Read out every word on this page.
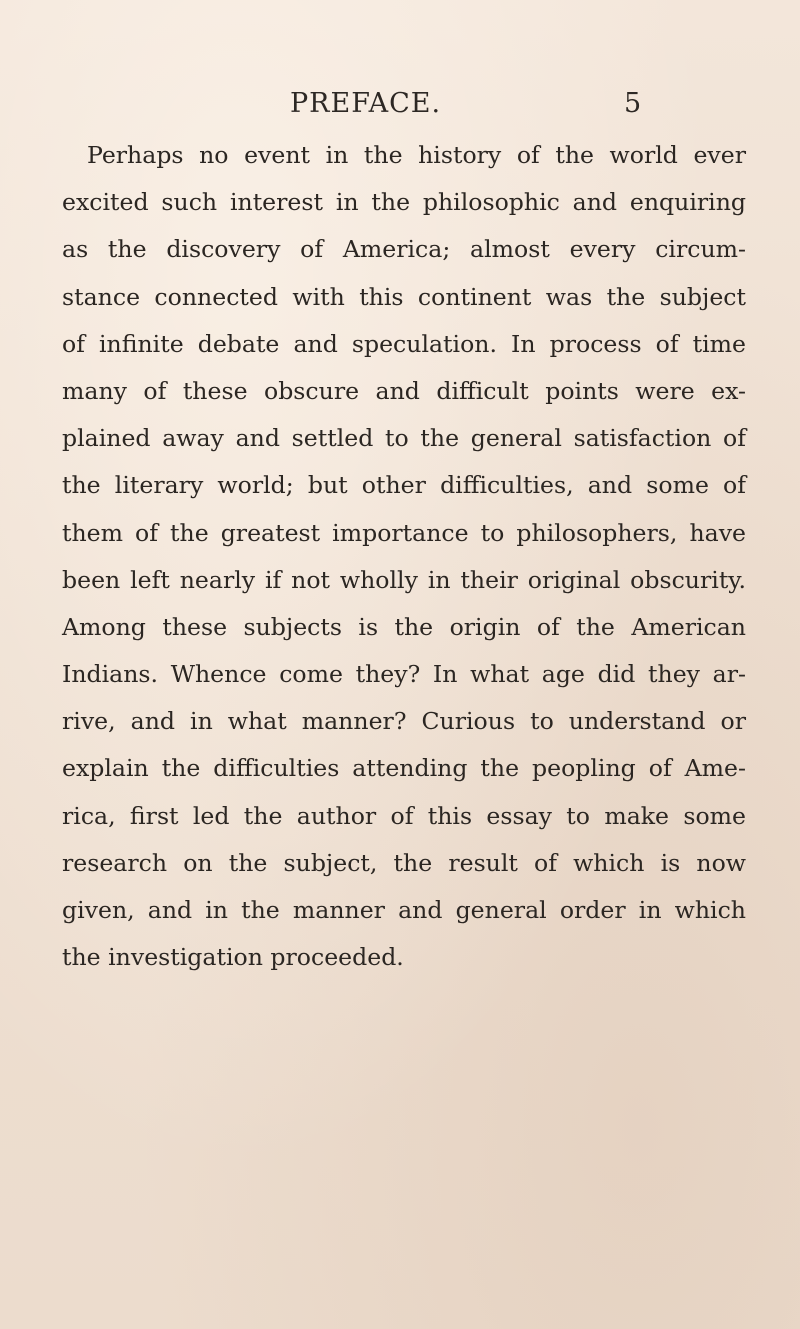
PREFACE.	5
Perhaps no event in the history of the world ever
excited such interest in the philosophic and enquiring
as the discovery of America; almost every circum-
stance connected with this continent was the subject
of infinite debate and speculation. In process of time
many of these obscure and difficult points were ex-
plained away and settled to the general satisfaction of
the literary world; but other difficulties, and some of
them of the greatest importance to philosophers, have
been left nearly if not wholly in their original obscurity.
Among these subjects is the origin of the American
Indians. Whence come they? In what age did they ar-
rive, and in what manner? Curious to understand or
explain the difficulties attending the peopling of Ame-
rica, first led the author of this essay to make some
research on the subject, the result of which is now
given, and in the manner and general order in which
the investigation proceeded.
